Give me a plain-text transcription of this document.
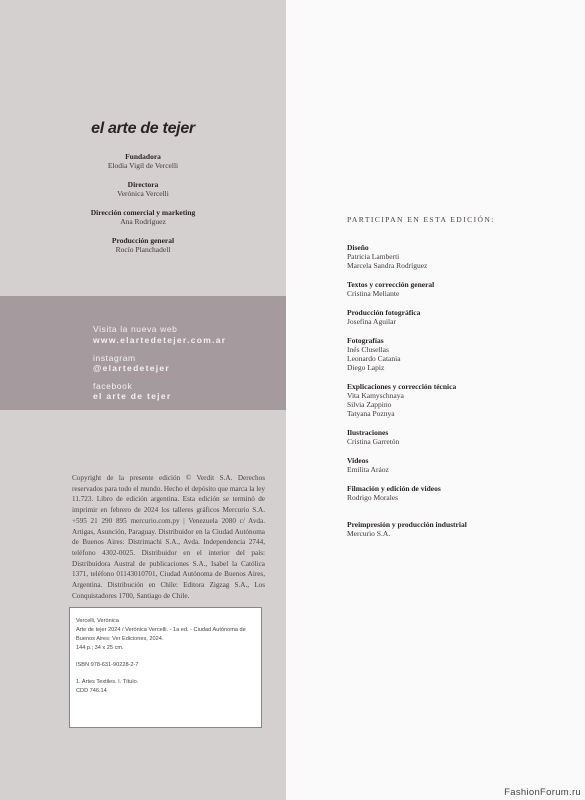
el arte de tejer
Fundadora
Elodia Vigil de Vercelli
Directora
Verónica Vercelli
Dirección comercial y marketing
Ana Rodríguez
Producción general
Rocío Planchadell
Visita la nueva web
www.elartedetejer.com.ar
instagram
@elartedetejer
facebook
el arte de tejer
Copyright de la presente edición © Verdit S.A. Derechos reservados para todo el mundo. Hecho el depósito que marca la ley 11.723. Libro de edición argentina. Esta edición se terminó de imprimir en febrero de 2024 los talleres gráficos Mercurio S.A. +595 21 290 895 mercurio.com.py | Venezuela 2080 c/ Avda. Artigas, Asunción, Paraguay. Distribuidor en la Ciudad Autónoma de Buenos Aires: Distrimachi S.A., Avda. Independencia 2744, teléfono 4302-0025. Distribuidor en el interior del país: Distribuidora Austral de publicaciones S.A., Isabel la Católica 1371, teléfono 01143010701, Ciudad Autónoma de Buenos Aires, Argentina. Distribución en Chile: Editora Zigzag S.A., Los Conquistadores 1700, Santiago de Chile.
Vercelli, Verónica
Arte de tejer 2024 / Verónica Vercelli. - 1a ed. - Ciudad Autónoma de
Buenos Aires: Ver Ediciones, 2024.
144 p.; 34 x 25 cm.
ISBN 978-631-90228-2-7
1. Artes Textiles. I. Título.
CDD 746.14
PARTICIPAN EN ESTA EDICIÓN:
Diseño
Patricia Lamberti
Marcela Sandra Rodríguez
Textos y corrección general
Cristina Meliante
Producción fotográfica
Josefina Aguilar
Fotografías
Inés Clusellas
Leonardo Catania
Diego Lapiz
Explicaciones y corrección técnica
Vita Kamyschnaya
Silvia Zappino
Tatyana Poznya
Ilustraciones
Cristina Garretón
Videos
Emilita Aráoz
Filmación y edición de videos
Rodrigo Morales
Preimpresión y producción industrial
Mercurio S.A.
FashionForum.ru
